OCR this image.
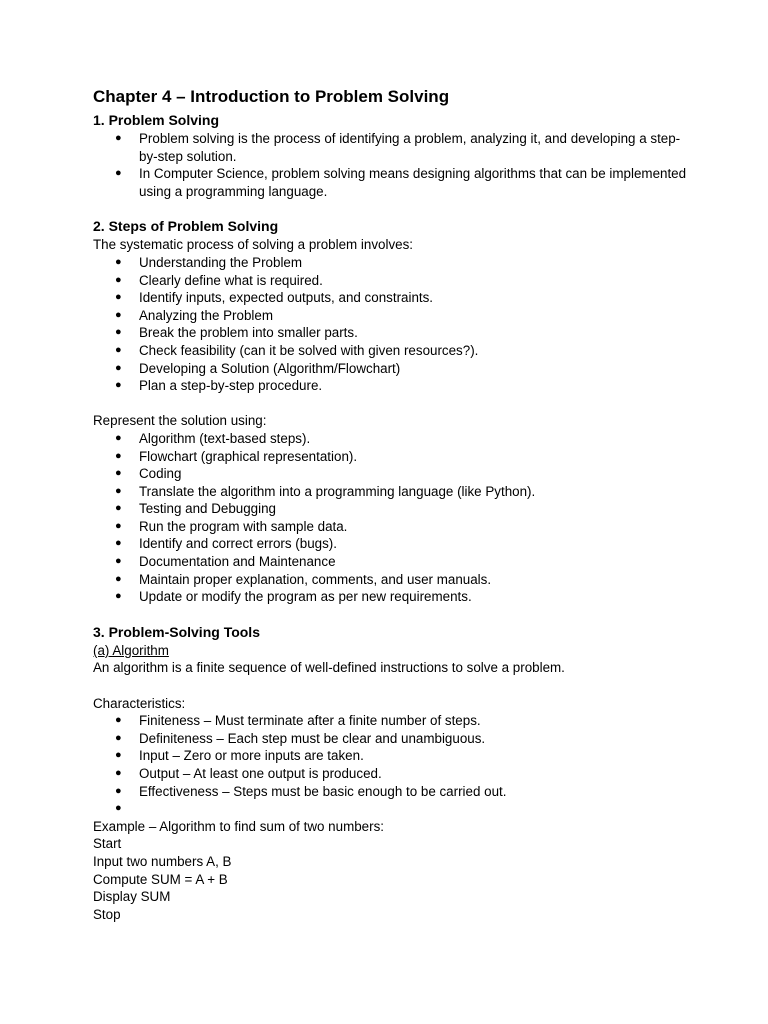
Chapter 4 – Introduction to Problem Solving
1. Problem Solving
● Problem solving is the process of identifying a problem, analyzing it, and developing a step-by-step solution.
● In Computer Science, problem solving means designing algorithms that can be implemented using a programming language.
2. Steps of Problem Solving

The systematic process of solving a problem involves:

● Understanding the Problem
● Clearly define what is required.
● Identify inputs, expected outputs, and constraints.
● Analyzing the Problem
● Break the problem into smaller parts.
● Check feasibility (can it be solved with given resources?).
● Developing a Solution (Algorithm/Flowchart)
● Plan a step-by-step procedure.

Represent the solution using:

● Algorithm (text-based steps).
● Flowchart (graphical representation).
● Coding
● Translate the algorithm into a programming language (like Python).
● Testing and Debugging
● Run the program with sample data.
● Identify and correct errors (bugs).
● Documentation and Maintenance
● Maintain proper explanation, comments, and user manuals.
● Update or modify the program as per new requirements.
3. Problem-Solving Tools

(a) Algorithm

An algorithm is a finite sequence of well-defined instructions to solve a problem.

Characteristics:

● Finiteness – Must terminate after a finite number of steps.
● Definiteness – Each step must be clear and unambiguous.
● Input – Zero or more inputs are taken.
● Output – At least one output is produced.
● Effectiveness – Steps must be basic enough to be carried out.
●

Example – Algorithm to find sum of two numbers:

Start

Input two numbers A, B

Compute SUM = A + B

Display SUM

Stop
